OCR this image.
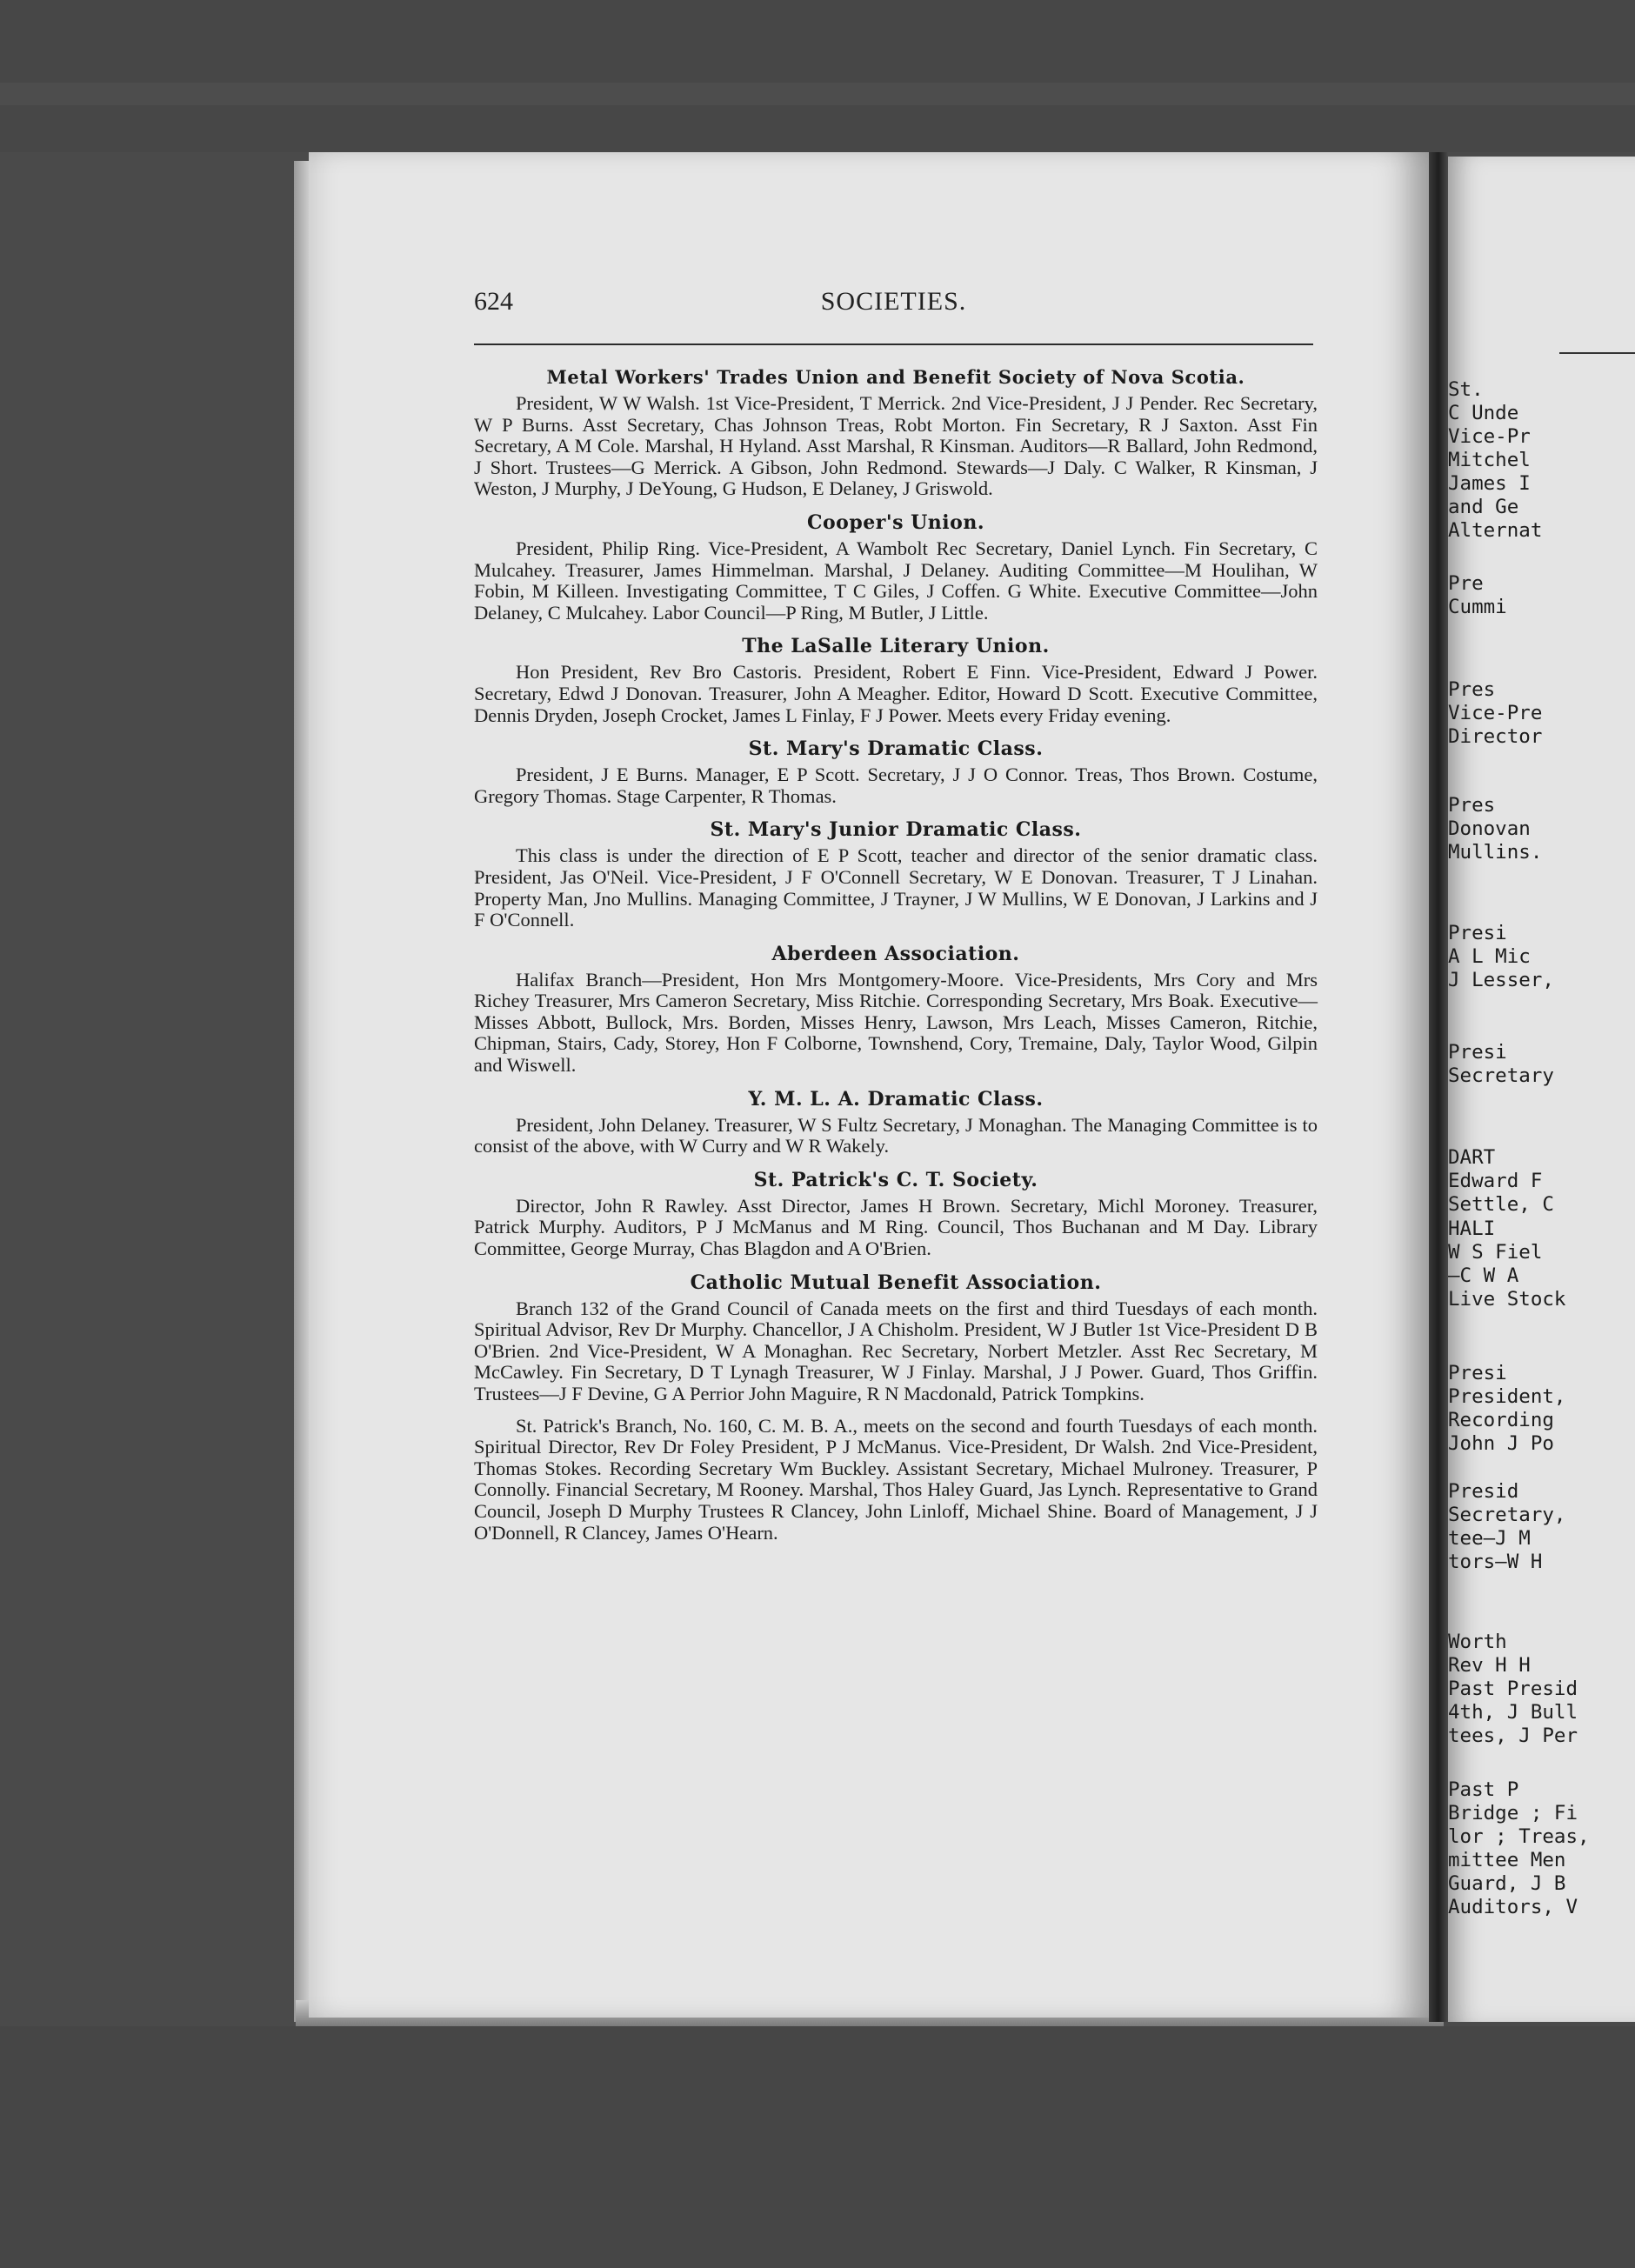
624	SOCIETIES.
Metal Workers' Trades Union and Benefit Society of Nova Scotia.

President, W W Walsh. 1st Vice-President, T Merrick. 2nd Vice-President, J J Pender. Rec Secretary, W P Burns. Asst Secretary, Chas Johnson Treas, Robt Morton. Fin Secretary, R J Saxton. Asst Fin Secretary, A M Cole. Marshal, H Hyland. Asst Marshal, R Kinsman. Auditors—R Ballard, John Redmond, J Short. Trustees—G Merrick. A Gibson, John Redmond. Stewards—J Daly. C Walker, R Kinsman, J Weston, J Murphy, J DeYoung, G Hudson, E Delaney, J Griswold.

Cooper's Union.

President, Philip Ring. Vice-President, A Wambolt Rec Secretary, Daniel Lynch. Fin Secretary, C Mulcahey. Treasurer, James Himmelman. Marshal, J Delaney. Auditing Committee—M Houlihan, W Fobin, M Killeen. Investigating Committee, T C Giles, J Coffen. G White. Executive Committee—John Delaney, C Mulcahey. Labor Council—P Ring, M Butler, J Little.

The LaSalle Literary Union.

Hon President, Rev Bro Castoris. President, Robert E Finn. Vice-President, Edward J Power. Secretary, Edwd J Donovan. Treasurer, John A Meagher. Editor, Howard D Scott. Executive Committee, Dennis Dryden, Joseph Crocket, James L Finlay, F J Power. Meets every Friday evening.

St. Mary's Dramatic Class.

President, J E Burns. Manager, E P Scott. Secretary, J J O Connor. Treas, Thos Brown. Costume, Gregory Thomas. Stage Carpenter, R Thomas.

St. Mary's Junior Dramatic Class.

This class is under the direction of E P Scott, teacher and director of the senior dramatic class. President, Jas O'Neil. Vice-President, J F O'Connell Secretary, W E Donovan. Treasurer, T J Linahan. Property Man, Jno Mullins. Managing Committee, J Trayner, J W Mullins, W E Donovan, J Larkins and J F O'Connell.

Aberdeen Association.

Halifax Branch—President, Hon Mrs Montgomery-Moore. Vice-Presidents, Mrs Cory and Mrs Richey Treasurer, Mrs Cameron Secretary, Miss Ritchie. Corresponding Secretary, Mrs Boak. Executive—Misses Abbott, Bullock, Mrs. Borden, Misses Henry, Lawson, Mrs Leach, Misses Cameron, Ritchie, Chipman, Stairs, Cady, Storey, Hon F Colborne, Townshend, Cory, Tremaine, Daly, Taylor Wood, Gilpin and Wiswell.

Y. M. L. A. Dramatic Class.

President, John Delaney. Treasurer, W S Fultz Secretary, J Monaghan. The Managing Committee is to consist of the above, with W Curry and W R Wakely.

St. Patrick's C. T. Society.

Director, John R Rawley. Asst Director, James H Brown. Secretary, Michl Moroney. Treasurer, Patrick Murphy. Auditors, P J McManus and M Ring. Council, Thos Buchanan and M Day. Library Committee, George Murray, Chas Blagdon and A O'Brien.

Catholic Mutual Benefit Association.

Branch 132 of the Grand Council of Canada meets on the first and third Tuesdays of each month. Spiritual Advisor, Rev Dr Murphy. Chancellor, J A Chisholm. President, W J Butler 1st Vice-President D B O'Brien. 2nd Vice-President, W A Monaghan. Rec Secretary, Norbert Metzler. Asst Rec Secretary, M McCawley. Fin Secretary, D T Lynagh Treasurer, W J Finlay. Marshal, J J Power. Guard, Thos Griffin. Trustees—J F Devine, G A Perrior John Maguire, R N Macdonald, Patrick Tompkins.

St. Patrick's Branch, No. 160, C. M. B. A., meets on the second and fourth Tuesdays of each month. Spiritual Director, Rev Dr Foley President, P J McManus. Vice-President, Dr Walsh. 2nd Vice-President, Thomas Stokes. Recording Secretary Wm Buckley. Assistant Secretary, Michael Mulroney. Treasurer, P Connolly. Financial Secretary, M Rooney. Marshal, Thos Haley Guard, Jas Lynch. Representative to Grand Council, Joseph D Murphy Trustees R Clancey, John Linloff, Michael Shine. Board of Management, J J O'Donnell, R Clancey, James O'Hearn.

St.
C Unde
Vice-Pr
Mitchel
James I
and Ge
Alternat
Pre
Cummi
Pres
Vice-Pre
Director
Pres
Donovan
Mullins.
Presi
A L Mic
J Lesser,
Presi
Secretary
DART
Edward F
Settle, C
HALI
W S Fiel
—C W A
Live Stock
Presi
President,
Recording
John J Po
Presid
Secretary,
tee—J M
tors—W H
Worth
Rev H H
Past Presid
4th, J Bull
tees, J Per
Past P
Bridge ; Fi
lor ; Treas,
mittee Men
Guard, J B
Auditors, V
